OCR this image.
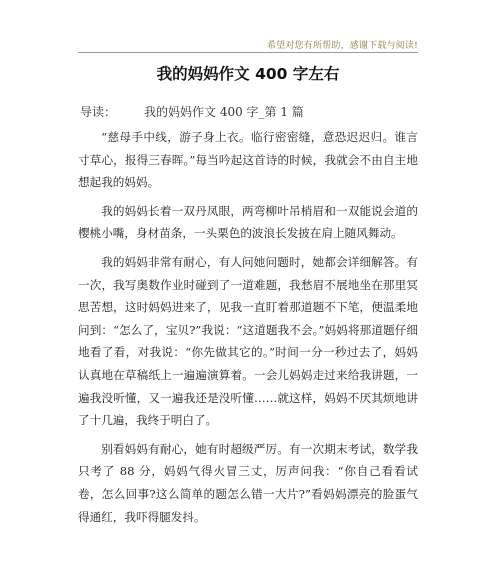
希望对您有所帮助，感谢下载与阅读!
我的妈妈作文 400 字左右
导读： 我的妈妈作文 400 字_第 1 篇

“慈母手中线，游子身上衣。临行密密缝，意恐迟迟归。谁言寸草心，报得三春晖。”每当吟起这首诗的时候，我就会不由自主地想起我的妈妈。

我的妈妈长着一双丹凤眼，两弯柳叶吊梢眉和一双能说会道的樱桃小嘴，身材苗条，一头栗色的波浪长发披在肩上随风舞动。

我的妈妈非常有耐心，有人问她问题时，她都会详细解答。有一次，我写奥数作业时碰到了一道难题，我愁眉不展地坐在那里冥思苦想，这时妈妈进来了，见我一直盯着那道题不下笔，便温柔地问到：“怎么了，宝贝?”我说：“这道题我不会。”妈妈将那道题仔细地看了看，对我说：“你先做其它的。”时间一分一秒过去了，妈妈认真地在草稿纸上一遍遍演算着。一会儿妈妈走过来给我讲题，一遍我没听懂，又一遍我还是没听懂……就这样，妈妈不厌其烦地讲了十几遍，我终于明白了。

别看妈妈有耐心，她有时超级严厉。有一次期末考试，数学我只考了 88 分，妈妈气得火冒三丈，厉声问我：“你自己看看试卷，怎么回事?这么简单的题怎么错一大片?”看妈妈漂亮的脸蛋气得通红，我吓得腿发抖。
